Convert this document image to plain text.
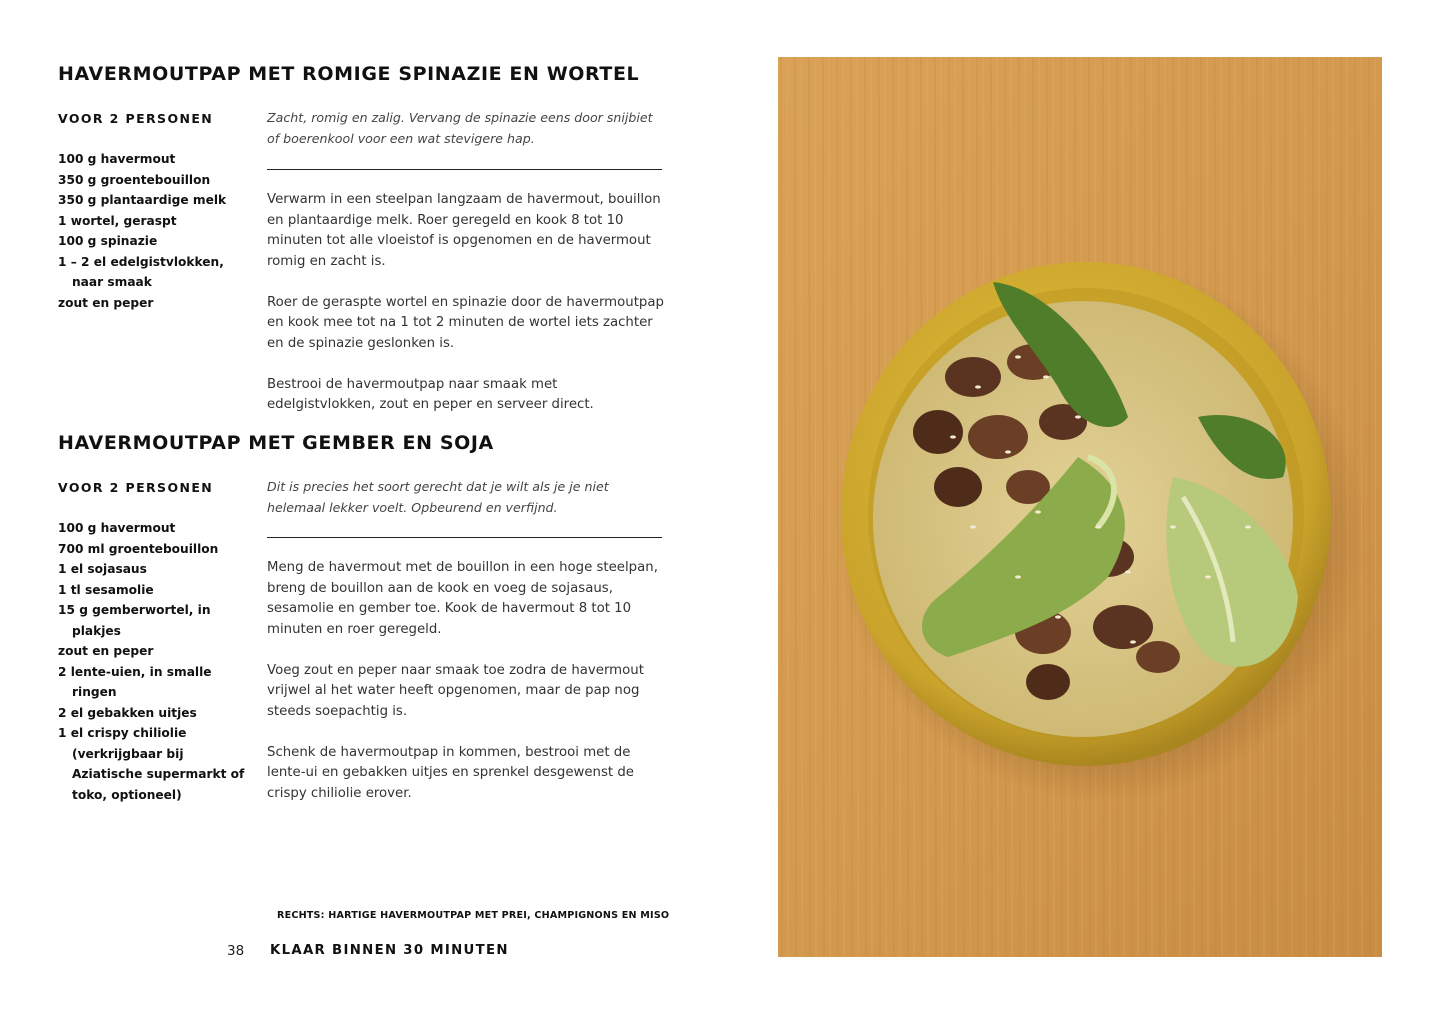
HAVERMOUTPAP MET ROMIGE SPINAZIE EN WORTEL
VOOR 2 PERSONEN
100 g havermout
350 g groentebouillon
350 g plantaardige melk
1 wortel, geraspt
100 g spinazie
1 – 2 el edelgistvlokken, naar smaak
zout en peper

Zacht, romig en zalig. Vervang de spinazie eens door snijbiet of boerenkool voor een wat stevigere hap.

Verwarm in een steelpan langzaam de havermout, bouillon en plantaardige melk. Roer geregeld en kook 8 tot 10 minuten tot alle vloeistof is opgenomen en de havermout romig en zacht is.

Roer de geraspte wortel en spinazie door de havermoutpap en kook mee tot na 1 tot 2 minuten de wortel iets zachter en de spinazie geslonken is.

Bestrooi de havermoutpap naar smaak met edelgistvlokken, zout en peper en serveer direct.

HAVERMOUTPAP MET GEMBER EN SOJA
VOOR 2 PERSONEN
100 g havermout
700 ml groentebouillon
1 el sojasaus
1 tl sesamolie
15 g gemberwortel, in plakjes
zout en peper
2 lente-uien, in smalle ringen
2 el gebakken uitjes
1 el crispy chiliolie (verkrijgbaar bij Aziatische supermarkt of toko, optioneel)

Dit is precies het soort gerecht dat je wilt als je je niet helemaal lekker voelt. Opbeurend en verfijnd.

Meng de havermout met de bouillon in een hoge steelpan, breng de bouillon aan de kook en voeg de sojasaus, sesamolie en gember toe. Kook de havermout 8 tot 10 minuten en roer geregeld.

Voeg zout en peper naar smaak toe zodra de havermout vrijwel al het water heeft opgenomen, maar de pap nog steeds soepachtig is.

Schenk de havermoutpap in kommen, bestrooi met de lente-ui en gebakken uitjes en sprenkel desgewenst de crispy chiliolie erover.

RECHTS: HARTIGE HAVERMOUTPAP MET PREI, CHAMPIGNONS EN MISO
38 KLAAR BINNEN 30 MINUTEN
